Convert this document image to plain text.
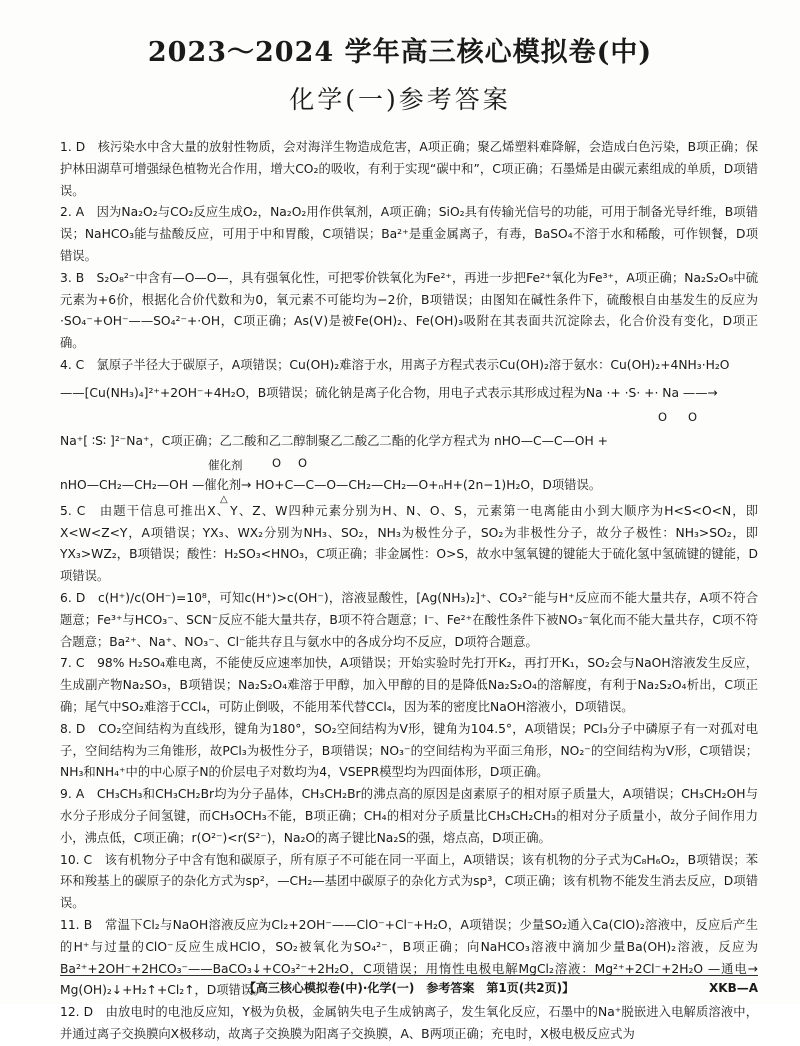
2023～2024 学年高三核心模拟卷(中)
化学(一)参考答案

1. D　核污染水中含大量的放射性物质，会对海洋生物造成危害，A项正确；聚乙烯塑料难降解，会造成白色污染，B项正确；保护林田湖草可增强绿色植物光合作用，增大CO₂的吸收，有利于实现“碳中和”，C项正确；石墨烯是由碳元素组成的单质，D项错误。

2. A　因为Na₂O₂与CO₂反应生成O₂，Na₂O₂用作供氧剂，A项正确；SiO₂具有传输光信号的功能，可用于制备光导纤维，B项错误；NaHCO₃能与盐酸反应，可用于中和胃酸，C项错误；Ba²⁺是重金属离子，有毒，BaSO₄不溶于水和稀酸，可作钡餐，D项错误。

3. B　S₂O₈²⁻中含有—O—O—，具有强氧化性，可把零价铁氧化为Fe²⁺，再进一步把Fe²⁺氧化为Fe³⁺，A项正确；Na₂S₂O₈中硫元素为+6价，根据化合价代数和为0，氧元素不可能均为−2价，B项错误；由图知在碱性条件下，硫酸根自由基发生的反应为·SO₄⁻+OH⁻——SO₄²⁻+·OH，C项正确；As(Ⅴ)是被Fe(OH)₂、Fe(OH)₃吸附在其表面共沉淀除去，化合价没有变化，D项正确。

4. C　氯原子半径大于碳原子，A项错误；Cu(OH)₂难溶于水，用离子方程式表示Cu(OH)₂溶于氨水：Cu(OH)₂+4NH₃·H₂O

——[Cu(NH₃)₄]²⁺+2OH⁻+4H₂O，B项错误；硫化钠是离子化合物，用电子式表示其形成过程为Na ·+ ·S· +· Na ——→

O O
Na⁺[ ∶S∶ ]²⁻Na⁺，C项正确；乙二酸和乙二醇制聚乙二酸乙二酯的化学方程式为 nHO—C—C—OH +
催化剂	O O
nHO—CH₂—CH₂—OH —催化剂→ HO+C—C—O—CH₂—CH₂—O+ₙH+(2n−1)H₂O，D项错误。
△

5. C　由题干信息可推出X、Y、Z、W四种元素分别为H、N、O、S，元素第一电离能由小到大顺序为H<S<O<N，即X<W<Z<Y，A项错误；YX₃、WX₂分别为NH₃、SO₂，NH₃为极性分子，SO₂为非极性分子，故分子极性：NH₃>SO₂，即YX₃>WZ₂，B项错误；酸性：H₂SO₃<HNO₃，C项正确；非金属性：O>S，故水中氢氧键的键能大于硫化氢中氢硫键的键能，D项错误。

6. D　c(H⁺)/c(OH⁻)=10⁸，可知c(H⁺)>c(OH⁻)，溶液显酸性，[Ag(NH₃)₂]⁺、CO₃²⁻能与H⁺反应而不能大量共存，A项不符合题意；Fe³⁺与HCO₃⁻、SCN⁻反应不能大量共存，B项不符合题意；I⁻、Fe²⁺在酸性条件下被NO₃⁻氧化而不能大量共存，C项不符合题意；Ba²⁺、Na⁺、NO₃⁻、Cl⁻能共存且与氨水中的各成分均不反应，D项符合题意。

7. C　98% H₂SO₄难电离，不能使反应速率加快，A项错误；开始实验时先打开K₂，再打开K₁，SO₂会与NaOH溶液发生反应，生成副产物Na₂SO₃，B项错误；Na₂S₂O₄难溶于甲醇，加入甲醇的目的是降低Na₂S₂O₄的溶解度，有利于Na₂S₂O₄析出，C项正确；尾气中SO₂难溶于CCl₄，可防止倒吸，不能用苯代替CCl₄，因为苯的密度比NaOH溶液小，D项错误。

8. D　CO₂空间结构为直线形，键角为180°，SO₂空间结构为V形，键角为104.5°，A项错误；PCl₃分子中磷原子有一对孤对电子，空间结构为三角锥形，故PCl₃为极性分子，B项错误；NO₃⁻的空间结构为平面三角形，NO₂⁻的空间结构为V形，C项错误；NH₃和NH₄⁺中的中心原子N的价层电子对数均为4，VSEPR模型均为四面体形，D项正确。

9. A　CH₃CH₃和CH₃CH₂Br均为分子晶体，CH₃CH₂Br的沸点高的原因是卤素原子的相对原子质量大，A项错误；CH₃CH₂OH与水分子形成分子间氢键，而CH₃OCH₃不能，B项正确；CH₄的相对分子质量比CH₃CH₂CH₃的相对分子质量小，故分子间作用力小，沸点低，C项正确；r(O²⁻)<r(S²⁻)，Na₂O的离子键比Na₂S的强，熔点高，D项正确。

10. C　该有机物分子中含有饱和碳原子，所有原子不可能在同一平面上，A项错误；该有机物的分子式为C₈H₆O₂，B项错误；苯环和羧基上的碳原子的杂化方式为sp²，—CH₂—基团中碳原子的杂化方式为sp³，C项正确；该有机物不能发生消去反应，D项错误。

11. B　常温下Cl₂与NaOH溶液反应为Cl₂+2OH⁻——ClO⁻+Cl⁻+H₂O，A项错误；少量SO₂通入Ca(ClO)₂溶液中，反应后产生的H⁺与过量的ClO⁻反应生成HClO，SO₂被氧化为SO₄²⁻，B项正确；向NaHCO₃溶液中滴加少量Ba(OH)₂溶液，反应为Ba²⁺+2OH⁻+2HCO₃⁻——BaCO₃↓+CO₃²⁻+2H₂O，C项错误；用惰性电极电解MgCl₂溶液：Mg²⁺+2Cl⁻+2H₂O —通电→ Mg(OH)₂↓+H₂↑+Cl₂↑，D项错误。

12. D　由放电时的电池反应知，Y极为负极，金属钠失电子生成钠离子，发生氧化反应，石墨中的Na⁺脱嵌进入电解质溶液中，并通过离子交换膜向X极移动，故离子交换膜为阳离子交换膜，A、B两项正确；充电时，X极电极反应式为

【高三核心模拟卷(中)·化学(一)　参考答案　第1页(共2页)】	XKB—A
